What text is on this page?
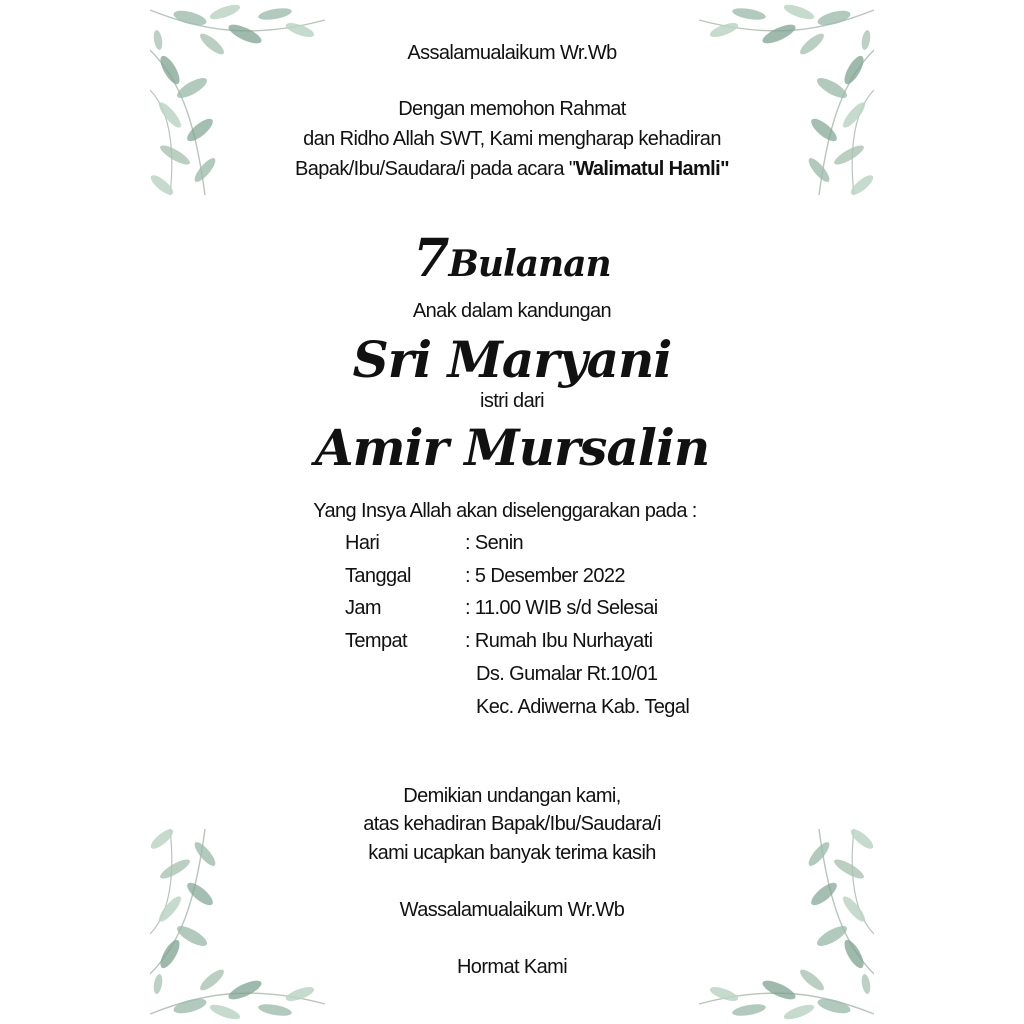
Assalamualaikum Wr.Wb
Dengan memohon Rahmat
dan Ridho Allah SWT, Kami mengharap kehadiran
Bapak/Ibu/Saudara/i pada acara "Walimatul Hamli"
7Bulanan
Anak dalam kandungan
Sri Maryani
istri dari
Amir Mursalin
Yang Insya Allah akan diselenggarakan pada :
Hari	: Senin
Tanggal	: 5 Desember 2022
Jam	: 11.00 WIB s/d Selesai
Tempat	: Rumah Ibu Nurhayati
Ds. Gumalar Rt.10/01
Kec. Adiwerna Kab. Tegal
Demikian undangan kami,
atas kehadiran Bapak/Ibu/Saudara/i
kami ucapkan banyak terima kasih
Wassalamualaikum Wr.Wb
Hormat Kami
